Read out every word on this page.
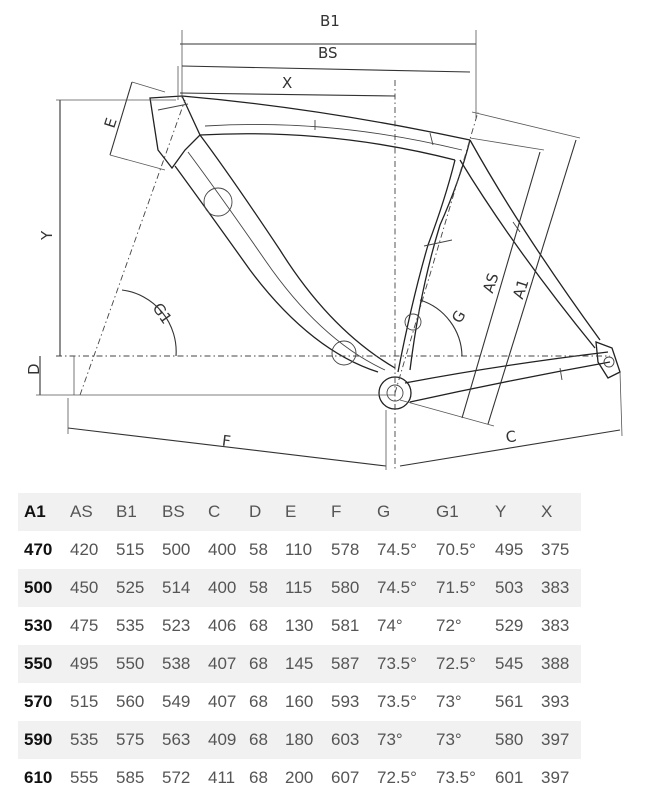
B1
BS
X
E
Y
D
G1	G
AS A1
F	C
A1	AS	B1	BS	C	D	E	F	G	G1	Y	X
470	420	515	500	400	58	110	578	74.5°	70.5°	495	375
500	450	525	514	400	58	115	580	74.5°	71.5°	503	383
530	475	535	523	406	68	130	581	74°	72°	529	383
550	495	550	538	407	68	145	587	73.5°	72.5°	545	388
570	515	560	549	407	68	160	593	73.5°	73°	561	393
590	535	575	563	409	68	180	603	73°	73°	580	397
610	555	585	572	411	68	200	607	72.5°	73.5°	601	397
